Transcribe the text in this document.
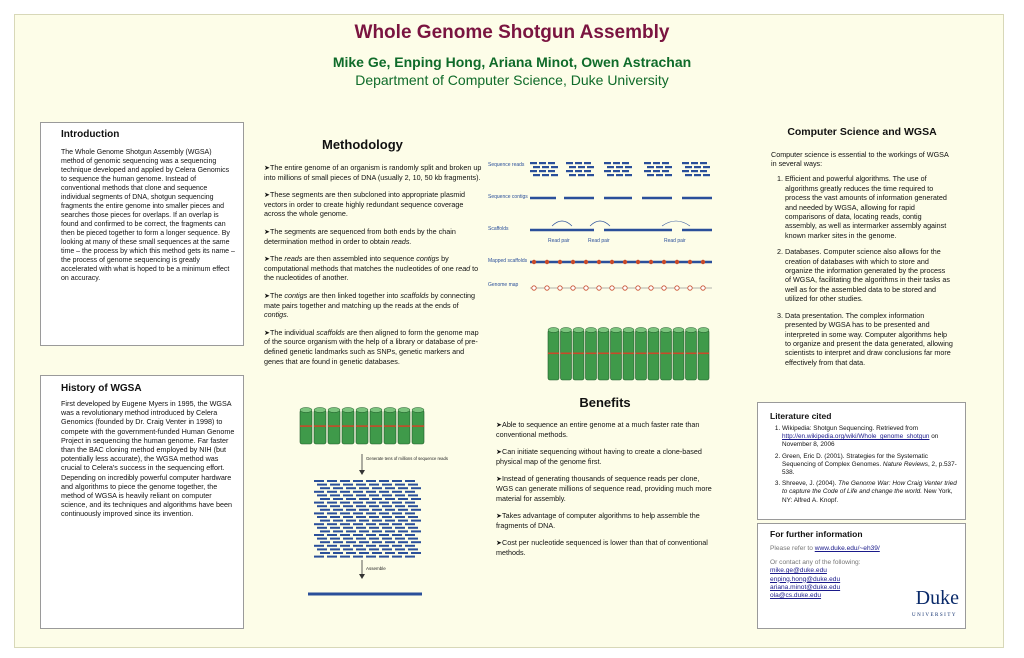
Whole Genome Shotgun Assembly
Mike Ge, Enping Hong, Ariana Minot, Owen Astrachan
Department of Computer Science, Duke University
Introduction
The Whole Genome Shotgun Assembly (WGSA) method of genomic sequencing was a sequencing technique developed and applied by Celera Genomics to sequence the human genome. Instead of conventional methods that clone and sequence individual segments of DNA, shotgun sequencing fragments the entire genome into smaller pieces and searches those pieces for overlaps. If an overlap is found and confirmed to be correct, the fragments can then be pieced together to form a longer sequence. By looking at many of these small sequences at the same time – the process by which this method gets its name – the process of genome sequencing is greatly accelerated with what is hoped to be a minimum effect on accuracy.
History of WGSA
First developed by Eugene Myers in 1995, the WGSA was a revolutionary method introduced by Celera Genomics (founded by Dr. Craig Venter in 1998) to compete with the government-funded Human Genome Project in sequencing the human genome. Far faster than the BAC cloning method employed by NIH (but potentially less accurate), the WGSA method was crucial to Celera's success in the sequencing effort. Depending on incredibly powerful computer hardware and algorithms to piece the genome together, the method of WGSA is heavily reliant on computer science, and its techniques and algorithms have been continuously improved since its invention.
Methodology

➤The entire genome of an organism is randomly split and broken up into millions of small pieces of DNA (usually 2, 10, 50 kb fragments).

➤These segments are then subcloned into appropriate plasmid vectors in order to create highly redundant sequence coverage across the whole genome.

➤The segments are sequenced from both ends by the chain determination method in order to obtain reads.

➤The reads are then assembled into sequence contigs by computational methods that matches the nucleotides of one read to the nucleotides of another.

➤The contigs are then linked together into scaffolds by connecting mate pairs together and matching up the reads at the ends of contigs.

➤The individual scaffolds are then aligned to form the genome map of the source organism with the help of a library or database of pre-defined genetic landmarks such as SNPs, genetic markers and genes that are found in genetic databases.

Sequence reads
Sequence contigs
Scaffolds
Mapped scaffolds
Genome map
Read pair	Read pair	Read pair
Generate tens of millions of sequence reads
Assemble
Benefits

➤Able to sequence an entire genome at a much faster rate than conventional methods.

➤Can initiate sequencing without having to create a clone-based physical map of the genome first.

➤Instead of generating thousands of sequence reads per clone, WGS can generate millions of sequence read, providing much more material for assembly.

➤Takes advantage of computer algorithms to help assemble the fragments of DNA.

➤Cost per nucleotide sequenced is lower than that of conventional methods.

Computer Science and WGSA
Computer science is essential to the workings of WGSA in several ways:
1. Efficient and powerful algorithms. The use of algorithms greatly reduces the time required to process the vast amounts of information generated and needed by WGSA, allowing for rapid comparisons of data, locating reads, contig assembly, as well as intermarker assembly against known marker sites in the genome.
2. Databases. Computer science also allows for the creation of databases with which to store and organize the information generated by the process of WGSA, facilitating the algorithms in their tasks as well as for the assembled data to be stored and utilized for other studies.
3. Data presentation. The complex information presented by WGSA has to be presented and interpreted in some way. Computer algorithms help to organize and present the data generated, allowing scientists to interpret and draw conclusions far more effectively from that data.
Literature cited
1. Wikipedia: Shotgun Sequencing. Retrieved from http://en.wikipedia.org/wiki/Whole_genome_shotgun on November 8, 2006
2. Green, Eric D. (2001). Strategies for the Systematic Sequencing of Complex Genomes. Nature Reviews, 2, p.537-538.
3. Shreeve, J. (2004). The Genome War: How Craig Venter tried to capture the Code of Life and change the world. New York, NY: Alfred A. Knopf.
For further information
Please refer to www.duke.edu/~eh39/
Or contact any of the following:
mike.ge@duke.edu
enping.hong@duke.edu
ariana.minot@duke.edu
ola@cs.duke.edu	Duke
UNIVERSITY
